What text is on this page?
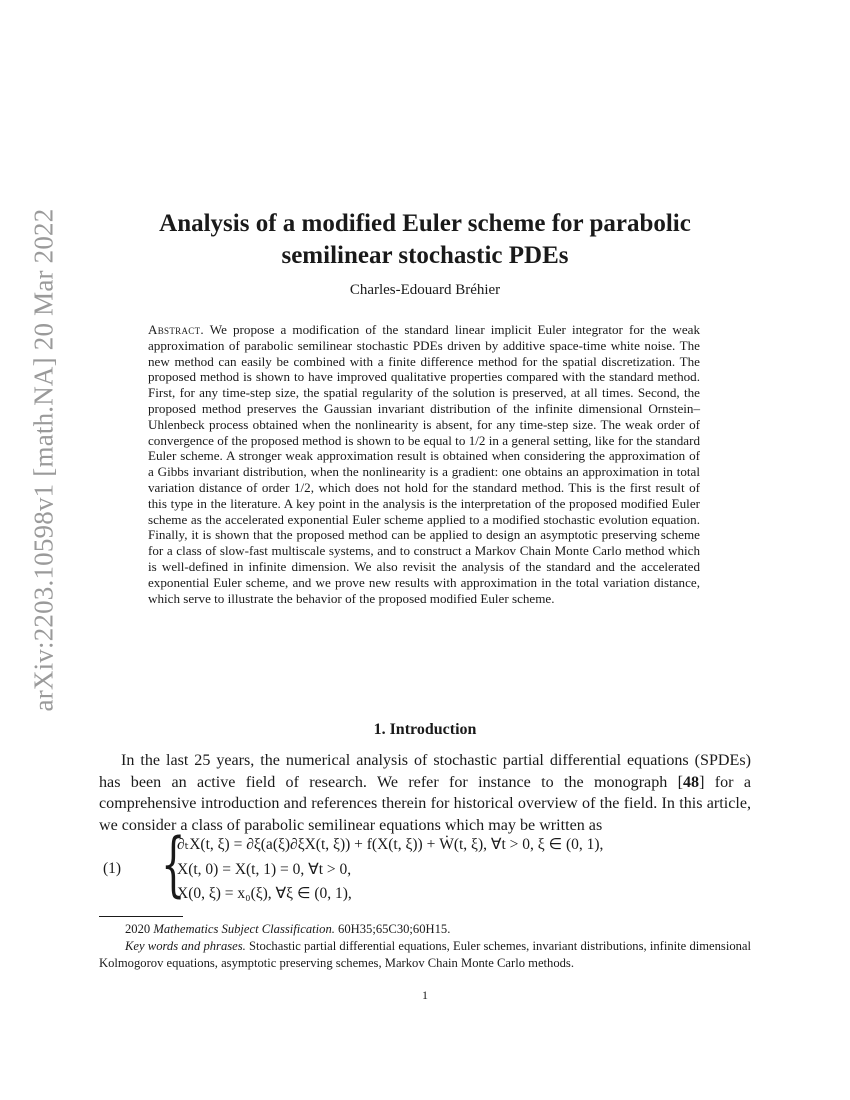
arXiv:2203.10598v1 [math.NA] 20 Mar 2022	Analysis of a modified Euler scheme for parabolic
semilinear stochastic PDEs
Charles-Edouard Bréhier
Abstract. We propose a modification of the standard linear implicit Euler integrator for the weak approximation of parabolic semilinear stochastic PDEs driven by additive space-time white noise. The new method can easily be combined with a finite difference method for the spatial discretization. The proposed method is shown to have improved qualitative properties compared with the standard method. First, for any time-step size, the spatial regularity of the solution is preserved, at all times. Second, the proposed method preserves the Gaussian invariant distribution of the infinite dimensional Ornstein–Uhlenbeck process obtained when the nonlinearity is absent, for any time-step size. The weak order of convergence of the proposed method is shown to be equal to 1/2 in a general setting, like for the standard Euler scheme. A stronger weak approximation result is obtained when considering the approximation of a Gibbs invariant distribution, when the nonlinearity is a gradient: one obtains an approximation in total variation distance of order 1/2, which does not hold for the standard method. This is the first result of this type in the literature. A key point in the analysis is the interpretation of the proposed modified Euler scheme as the accelerated exponential Euler scheme applied to a modified stochastic evolution equation. Finally, it is shown that the proposed method can be applied to design an asymptotic preserving scheme for a class of slow-fast multiscale systems, and to construct a Markov Chain Monte Carlo method which is well-defined in infinite dimension. We also revisit the analysis of the standard and the accelerated exponential Euler scheme, and we prove new results with approximation in the total variation distance, which serve to illustrate the behavior of the proposed modified Euler scheme.
1. Introduction
In the last 25 years, the numerical analysis of stochastic partial differential equations (SPDEs) has been an active field of research. We refer for instance to the monograph [48] for a comprehensive introduction and references therein for historical overview of the field. In this article, we consider a class of parabolic semilinear equations which may be written as
(1) {
∂ₜX(t, ξ) = ∂ξ(a(ξ)∂ξX(t, ξ)) + f(X(t, ξ)) + Ẇ(t, ξ), ∀t > 0, ξ ∈ (0, 1),
X(t, 0) = X(t, 1) = 0, ∀t > 0,
X(0, ξ) = x₀(ξ), ∀ξ ∈ (0, 1),

2020 Mathematics Subject Classification. 60H35;65C30;60H15.

Key words and phrases. Stochastic partial differential equations, Euler schemes, invariant distributions, infinite dimensional Kolmogorov equations, asymptotic preserving schemes, Markov Chain Monte Carlo methods.

1
